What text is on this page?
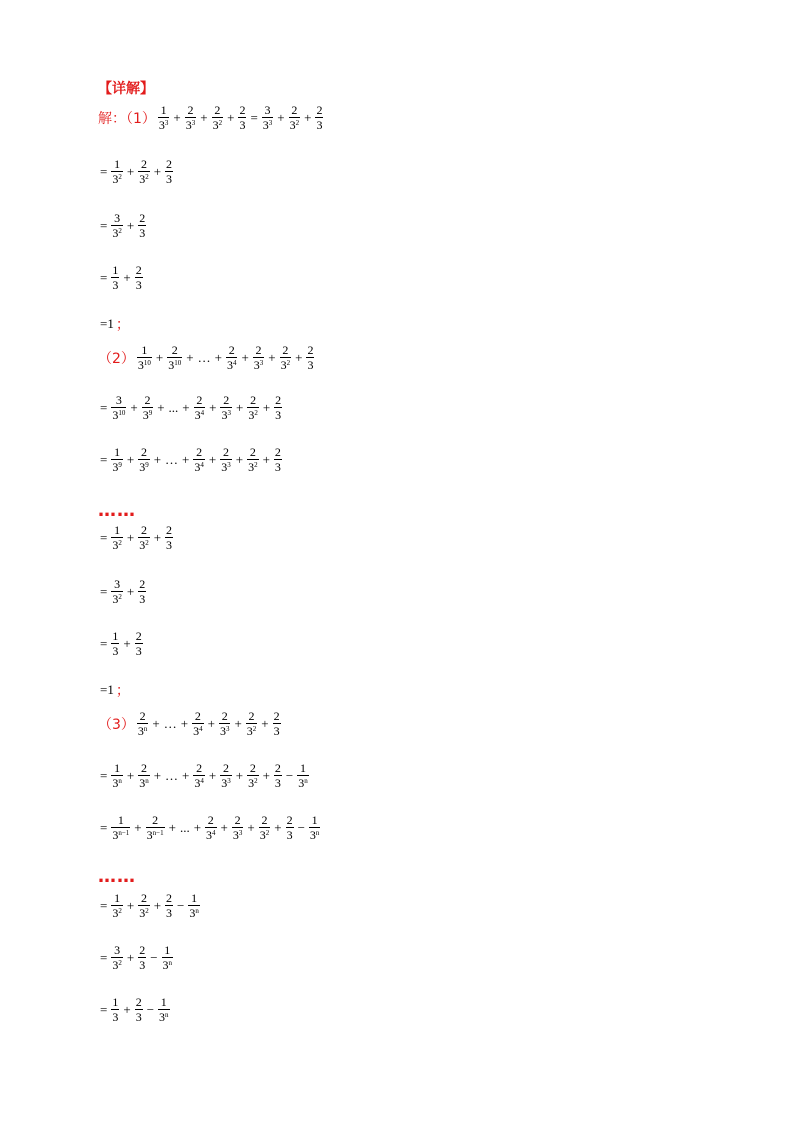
【详解】
解：$(1) \frac{1}{3^3} + \frac{2}{3^3} + \frac{2}{3^2} + \frac{2}{3} = \frac{3}{3^3} + \frac{2}{3^2} + \frac{2}{3}$
= $\frac{1}{3^2} + \frac{2}{3^2} + \frac{2}{3}$
= $\frac{3}{3^2} + \frac{2}{3}$
= $\frac{1}{3} + \frac{2}{3}$
=1 ；
$(2) \frac{1}{3^{10}} + \frac{2}{3^{10}}$ + … + $\frac{2}{3^4} + \frac{2}{3^3} + \frac{2}{3^2} + \frac{2}{3}$
= $\frac{3}{3^{10}} + \frac{2}{3^9}$ + ... + $\frac{2}{3^4} + \frac{2}{3^3} + \frac{2}{3^2} + \frac{2}{3}$
= $\frac{1}{3^9} + \frac{2}{3^9}$ + … + $\frac{2}{3^4} + \frac{2}{3^3} + \frac{2}{3^2} + \frac{2}{3}$
……
= $\frac{1}{3^2} + \frac{2}{3^2} + \frac{2}{3}$
= $\frac{3}{3^2} + \frac{2}{3}$
= $\frac{1}{3} + \frac{2}{3}$
=1 ；
$(3) \frac{2}{3^n}$ + … + $\frac{2}{3^4} + \frac{2}{3^3} + \frac{2}{3^2} + \frac{2}{3}$
= $\frac{1}{3^n} + \frac{2}{3^n}$ + … + $\frac{2}{3^4} + \frac{2}{3^3} + \frac{2}{3^2} + \frac{2}{3} - \frac{1}{3^n}$
= $\frac{1}{3^{n-1}} + \frac{2}{3^{n-1}}$ + ... + $\frac{2}{3^4} + \frac{2}{3^3} + \frac{2}{3^2} + \frac{2}{3} - \frac{1}{3^n}$
……
= $\frac{1}{3^2} + \frac{2}{3^2} + \frac{2}{3} - \frac{1}{3^n}$
= $\frac{3}{3^2} + \frac{2}{3} - \frac{1}{3^n}$
= $\frac{1}{3} + \frac{2}{3} - \frac{1}{3^n}$
